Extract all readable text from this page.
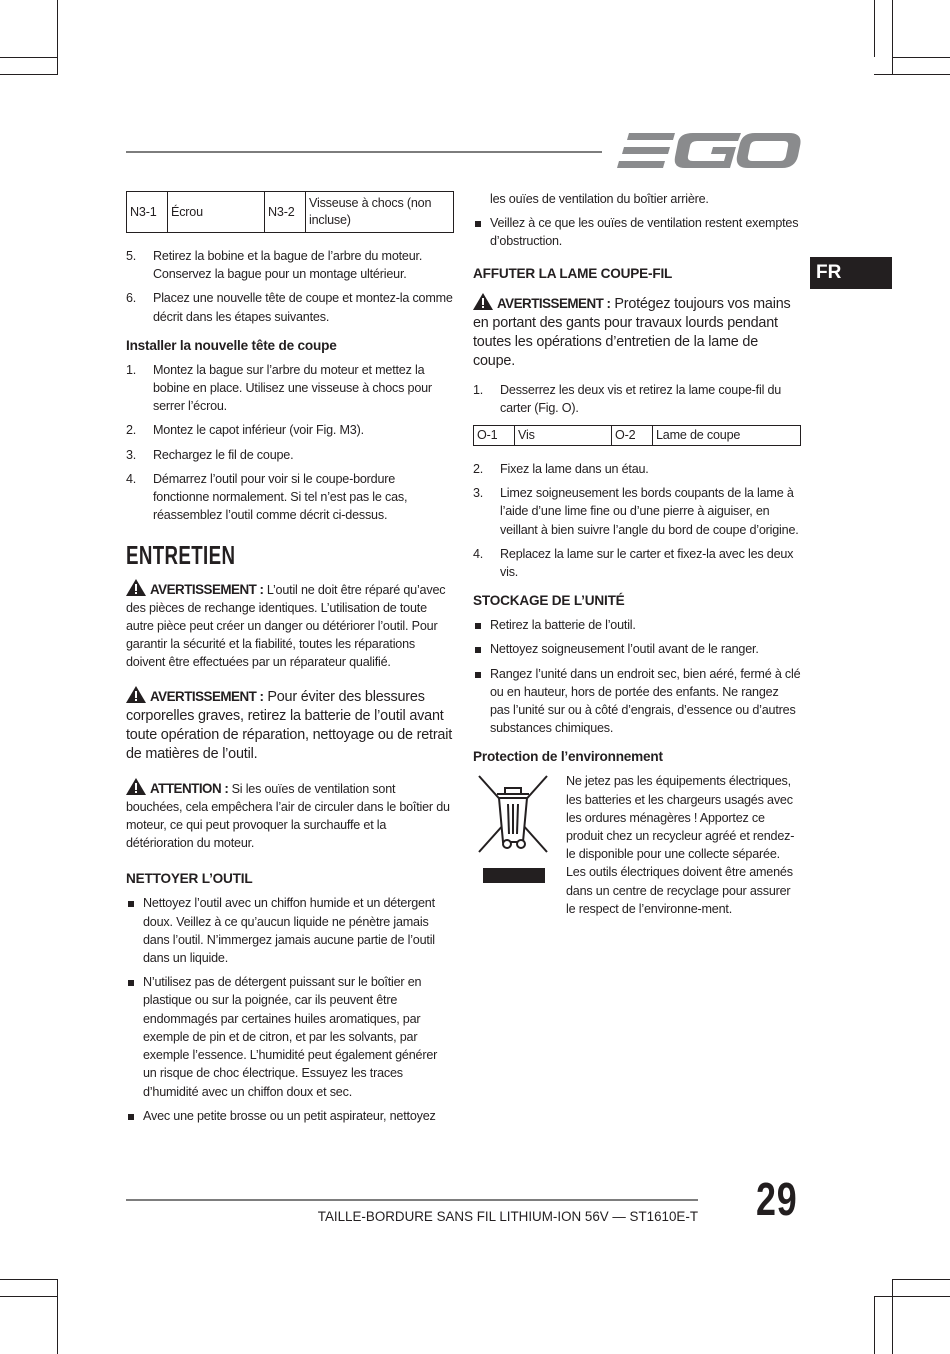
FR
N3-1	Écrou	N3-2	Visseuse à chocs (non incluse)
5. Retirez la bobine et la bague de l’arbre du moteur. Conservez la bague pour un montage ultérieur.
6. Placez une nouvelle tête de coupe et montez-la comme décrit dans les étapes suivantes.
Installer la nouvelle tête de coupe
1. Montez la bague sur l’arbre du moteur et mettez la bobine en place. Utilisez une visseuse à chocs pour serrer l’écrou.
2. Montez le capot inférieur (voir Fig. M3).
3. Rechargez le fil de coupe.
4. Démarrez l’outil pour voir si le coupe-bordure fonctionne normalement. Si tel n’est pas le cas, réassemblez l’outil comme décrit ci-dessus.
ENTRETIEN

AVERTISSEMENT : L’outil ne doit être réparé qu’avec des pièces de rechange identiques. L’utilisation de toute autre pièce peut créer un danger ou détériorer l’outil. Pour garantir la sécurité et la fiabilité, toutes les réparations doivent être effectuées par un réparateur qualifié.

AVERTISSEMENT : Pour éviter des blessures corporelles graves, retirez la batterie de l’outil avant toute opération de réparation, nettoyage ou de retrait de matières de l’outil.

ATTENTION : Si les ouïes de ventilation sont bouchées, cela empêchera l’air de circuler dans le boîtier du moteur, ce qui peut provoquer la surchauffe et la détérioration du moteur.

NETTOYER L’OUTIL
Nettoyez l’outil avec un chiffon humide et un détergent doux. Veillez à ce qu’aucun liquide ne pénètre jamais dans l’outil. N’immergez jamais aucune partie de l’outil dans un liquide.
N’utilisez pas de détergent puissant sur le boîtier en plastique ou sur la poignée, car ils peuvent être endommagés par certaines huiles aromatiques, par exemple de pin et de citron, et par les solvants, par exemple l’essence. L’humidité peut également générer un risque de choc électrique. Essuyez les traces d’humidité avec un chiffon doux et sec.
Avec une petite brosse ou un petit aspirateur, nettoyez

les ouïes de ventilation du boîtier arrière.

Veillez à ce que les ouïes de ventilation restent exemptes d’obstruction.
AFFUTER LA LAME COUPE-FIL

AVERTISSEMENT : Protégez toujours vos mains en portant des gants pour travaux lourds pendant toutes les opérations d’entretien de la lame de coupe.

1. Desserrez les deux vis et retirez la lame coupe-fil du carter (Fig. O).
O-1	Vis	O-2	Lame de coupe
2. Fixez la lame dans un étau.
3. Limez soigneusement les bords coupants de la lame à l’aide d’une lime fine ou d’une pierre à aiguiser, en veillant à bien suivre l’angle du bord de coupe d’origine.
4. Replacez la lame sur le carter et fixez-la avec les deux vis.
STOCKAGE DE L’UNITÉ
Retirez la batterie de l’outil.
Nettoyez soigneusement l’outil avant de le ranger.
Rangez l’unité dans un endroit sec, bien aéré, fermé à clé ou en hauteur, hors de portée des enfants. Ne rangez pas l’unité sur ou à côté d’engrais, d’essence ou d’autres substances chimiques.
Protection de l’environnement

Ne jetez pas les équipements électriques, les batteries et les chargeurs usagés avec les ordures ménagères ! Apportez ce produit chez un recycleur agréé et rendez-le disponible pour une collecte séparée. Les outils électriques doivent être amenés dans un centre de recyclage pour assurer le respect de l’environne-ment.

TAILLE-BORDURE SANS FIL LITHIUM-ION 56V — ST1610E-T 29
